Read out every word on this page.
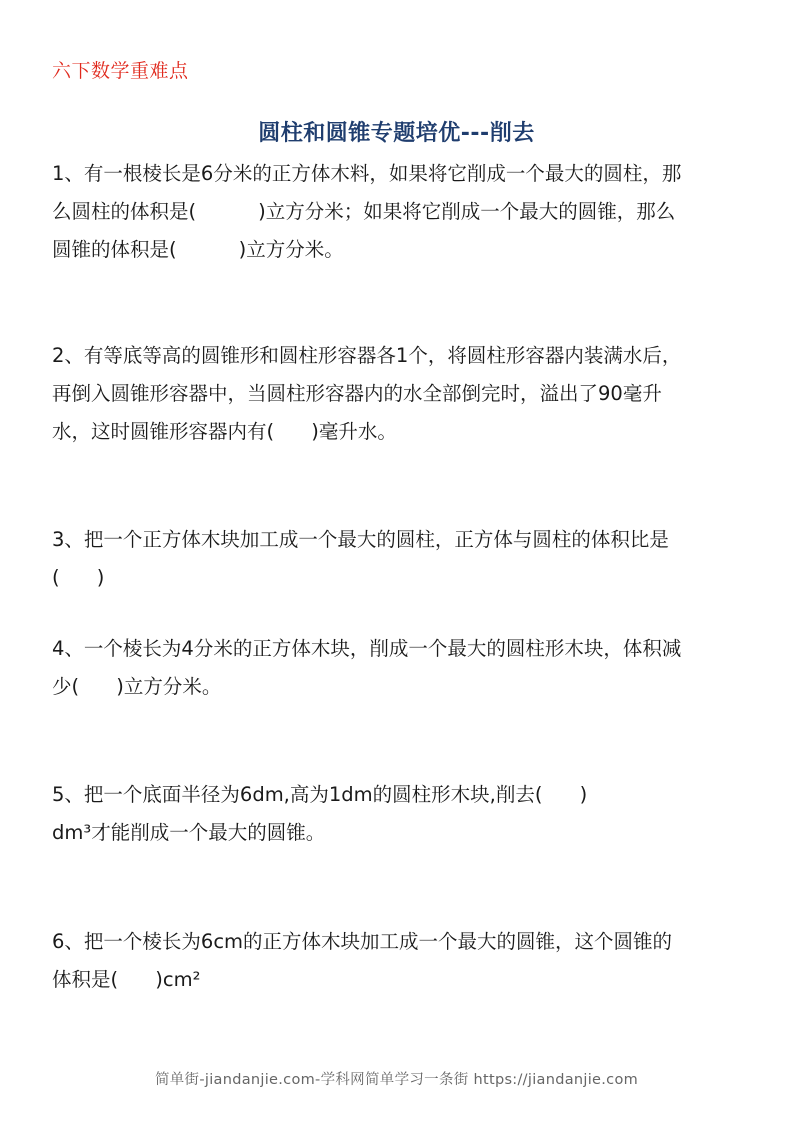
六下数学重难点
圆柱和圆锥专题培优---削去
1、有一根棱长是6分米的正方体木料，如果将它削成一个最大的圆柱，那
么圆柱的体积是(          )立方分米；如果将它削成一个最大的圆锥，那么
圆锥的体积是(          )立方分米。
2、有等底等高的圆锥形和圆柱形容器各1个，将圆柱形容器内装满水后，
再倒入圆锥形容器中，当圆柱形容器内的水全部倒完时，溢出了90毫升
水，这时圆锥形容器内有(      )毫升水。
3、把一个正方体木块加工成一个最大的圆柱，正方体与圆柱的体积比是
(      )
4、一个棱长为4分米的正方体木块，削成一个最大的圆柱形木块，体积减
少(      )立方分米。
5、把一个底面半径为6dm,高为1dm的圆柱形木块,削去(      )
dm³才能削成一个最大的圆锥。
6、把一个棱长为6cm的正方体木块加工成一个最大的圆锥，这个圆锥的
体积是(      )cm²
简单街-jiandanjie.com-学科网简单学习一条街 https://jiandanjie.com
